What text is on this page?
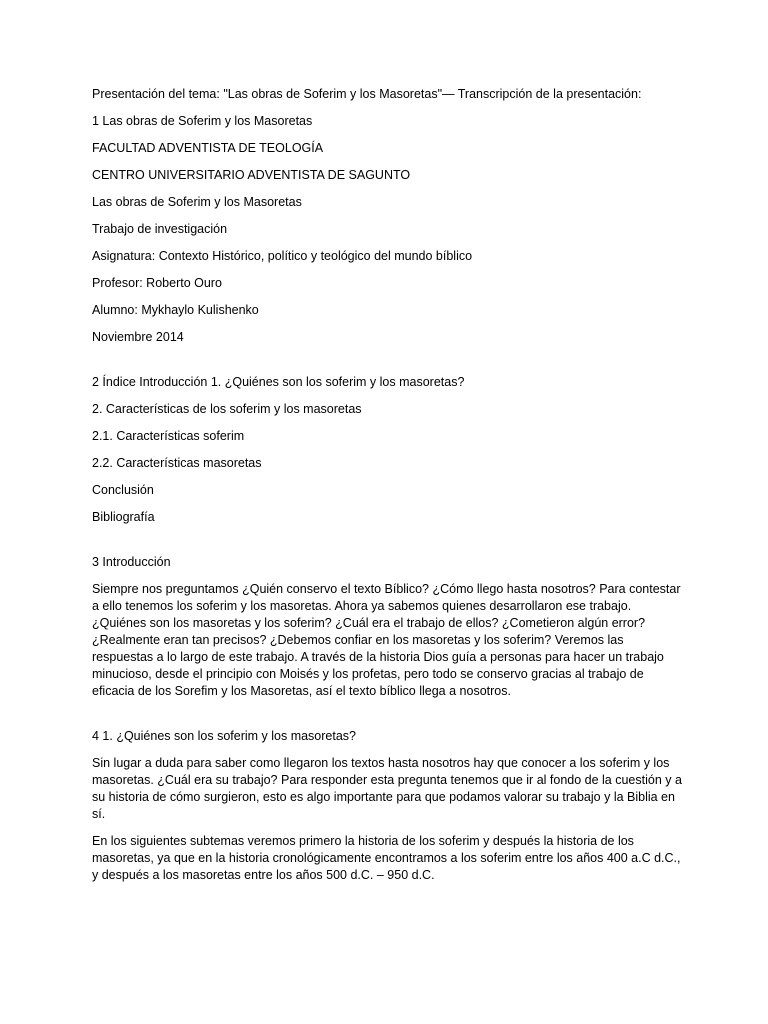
Presentación del tema: "Las obras de Soferim y los Masoretas"— Transcripción de la presentación:

1 Las obras de Soferim y los Masoretas

FACULTAD ADVENTISTA DE TEOLOGÍA

CENTRO UNIVERSITARIO ADVENTISTA DE SAGUNTO

Las obras de Soferim y los Masoretas

Trabajo de investigación

Asignatura: Contexto Histórico, político y teológico del mundo bíblico

Profesor: Roberto Ouro

Alumno: Mykhaylo Kulishenko

Noviembre 2014

2 Índice Introducción 1. ¿Quiénes son los soferim y los masoretas?

2. Características de los soferim y los masoretas

2.1. Características soferim

2.2. Características masoretas

Conclusión

Bibliografía

3 Introducción

Siempre nos preguntamos ¿Quién conservo el texto Bíblico? ¿Cómo llego hasta nosotros? Para contestar a ello tenemos los soferim y los masoretas. Ahora ya sabemos quienes desarrollaron ese trabajo. ¿Quiénes son los masoretas y los soferim? ¿Cuál era el trabajo de ellos? ¿Cometieron algún error? ¿Realmente eran tan precisos? ¿Debemos confiar en los masoretas y los soferim? Veremos las respuestas a lo largo de este trabajo. A través de la historia Dios guía a personas para hacer un trabajo minucioso, desde el principio con Moisés y los profetas, pero todo se conservo gracias al trabajo de eficacia de los Sorefim y los Masoretas, así el texto bíblico llega a nosotros.

4 1. ¿Quiénes son los soferim y los masoretas?

Sin lugar a duda para saber como llegaron los textos hasta nosotros hay que conocer a los soferim y los masoretas. ¿Cuál era su trabajo? Para responder esta pregunta tenemos que ir al fondo de la cuestión y a su historia de cómo surgieron, esto es algo importante para que podamos valorar su trabajo y la Biblia en sí.

En los siguientes subtemas veremos primero la historia de los soferim y después la historia de los masoretas, ya que en la historia cronológicamente encontramos a los soferim entre los años 400 a.C d.C., y después a los masoretas entre los años 500 d.C. – 950 d.C.
